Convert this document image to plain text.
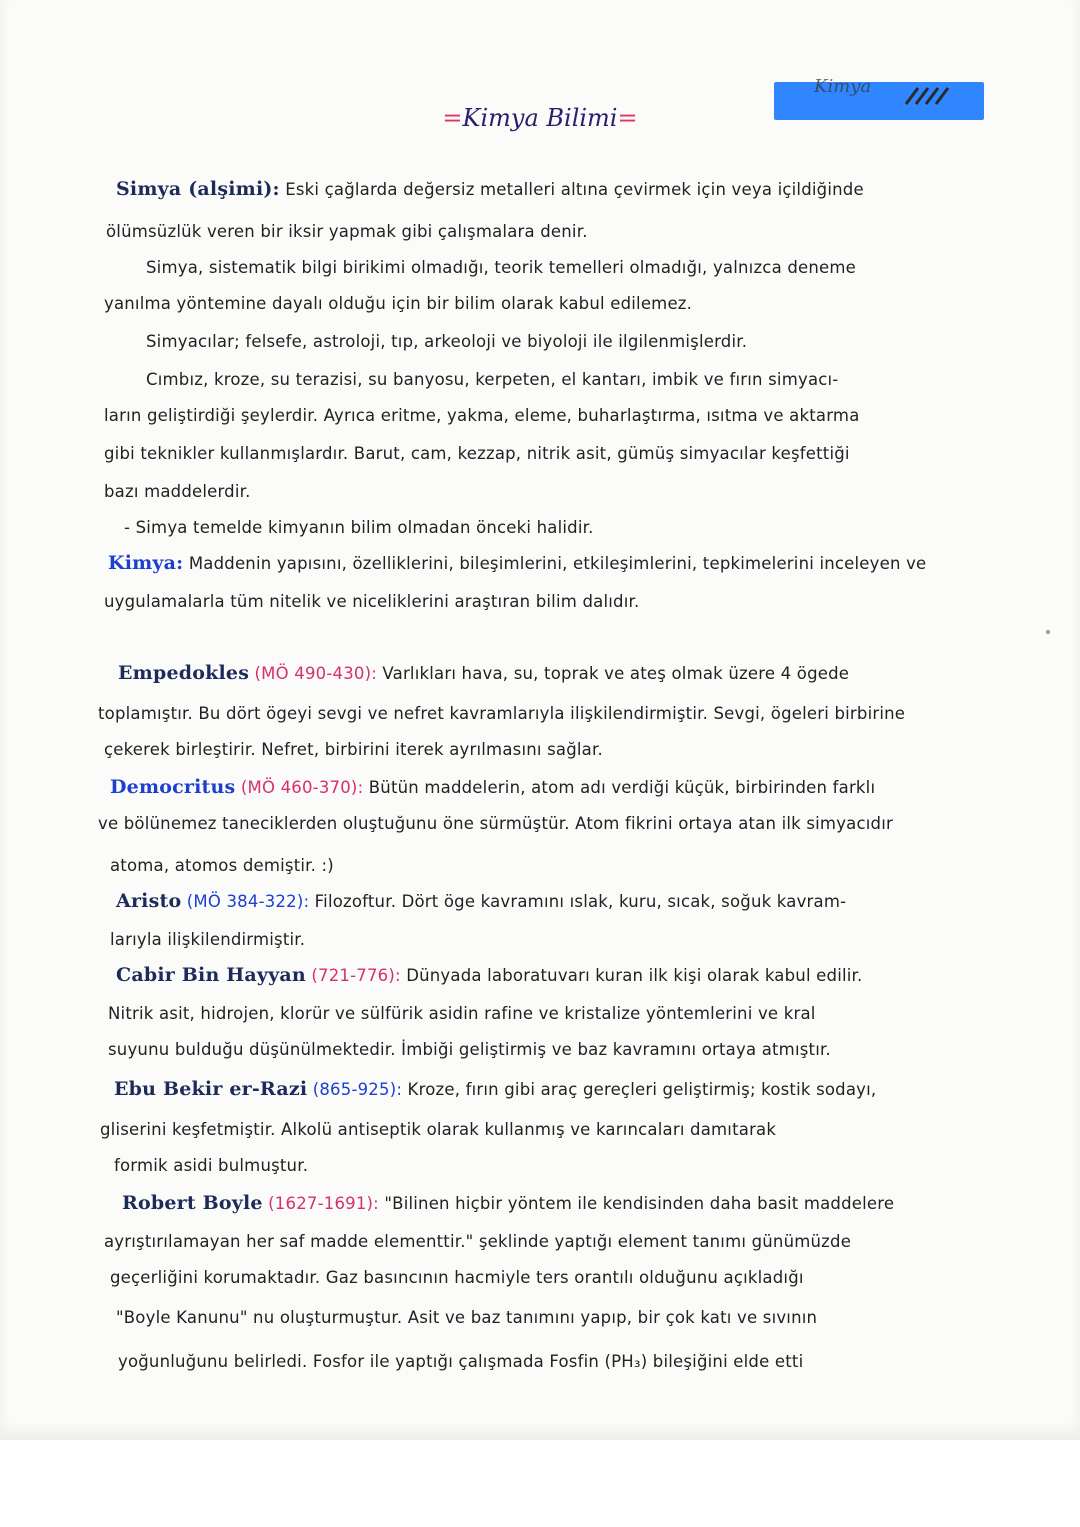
Kimya
=Kimya Bilimi=
Simya (alşimi): Eski çağlarda değersiz metalleri altına çevirmek için veya içildiğinde
ölümsüzlük veren bir iksir yapmak gibi çalışmalara denir.
Simya, sistematik bilgi birikimi olmadığı, teorik temelleri olmadığı, yalnızca deneme
yanılma yöntemine dayalı olduğu için bir bilim olarak kabul edilemez.
Simyacılar; felsefe, astroloji, tıp, arkeoloji ve biyoloji ile ilgilenmişlerdir.
Cımbız, kroze, su terazisi, su banyosu, kerpeten, el kantarı, imbik ve fırın simyacı-
ların geliştirdiği şeylerdir. Ayrıca eritme, yakma, eleme, buharlaştırma, ısıtma ve aktarma
gibi teknikler kullanmışlardır. Barut, cam, kezzap, nitrik asit, gümüş simyacılar keşfettiği
bazı maddelerdir.
- Simya temelde kimyanın bilim olmadan önceki halidir.
Kimya: Maddenin yapısını, özelliklerini, bileşimlerini, etkileşimlerini, tepkimelerini inceleyen ve
uygulamalarla tüm nitelik ve niceliklerini araştıran bilim dalıdır.
Empedokles (MÖ 490-430): Varlıkları hava, su, toprak ve ateş olmak üzere 4 ögede
toplamıştır. Bu dört ögeyi sevgi ve nefret kavramlarıyla ilişkilendirmiştir. Sevgi, ögeleri birbirine
çekerek birleştirir. Nefret, birbirini iterek ayrılmasını sağlar.
Democritus (MÖ 460-370): Bütün maddelerin, atom adı verdiği küçük, birbirinden farklı
ve bölünemez taneciklerden oluştuğunu öne sürmüştür. Atom fikrini ortaya atan ilk simyacıdır
atoma, atomos demiştir. :)
Aristo (MÖ 384-322): Filozoftur. Dört öge kavramını ıslak, kuru, sıcak, soğuk kavram-
larıyla ilişkilendirmiştir.
Cabir Bin Hayyan (721-776): Dünyada laboratuvarı kuran ilk kişi olarak kabul edilir.
Nitrik asit, hidrojen, klorür ve sülfürik asidin rafine ve kristalize yöntemlerini ve kral
suyunu bulduğu düşünülmektedir. İmbiği geliştirmiş ve baz kavramını ortaya atmıştır.
Ebu Bekir er-Razi (865-925): Kroze, fırın gibi araç gereçleri geliştirmiş; kostik sodayı,
gliserini keşfetmiştir. Alkolü antiseptik olarak kullanmış ve karıncaları damıtarak
formik asidi bulmuştur.
Robert Boyle (1627-1691): "Bilinen hiçbir yöntem ile kendisinden daha basit maddelere
ayrıştırılamayan her saf madde elementtir." şeklinde yaptığı element tanımı günümüzde
geçerliğini korumaktadır. Gaz basıncının hacmiyle ters orantılı olduğunu açıkladığı
"Boyle Kanunu" nu oluşturmuştur. Asit ve baz tanımını yapıp, bir çok katı ve sıvının
yoğunluğunu belirledi. Fosfor ile yaptığı çalışmada Fosfin (PH₃) bileşiğini elde etti
